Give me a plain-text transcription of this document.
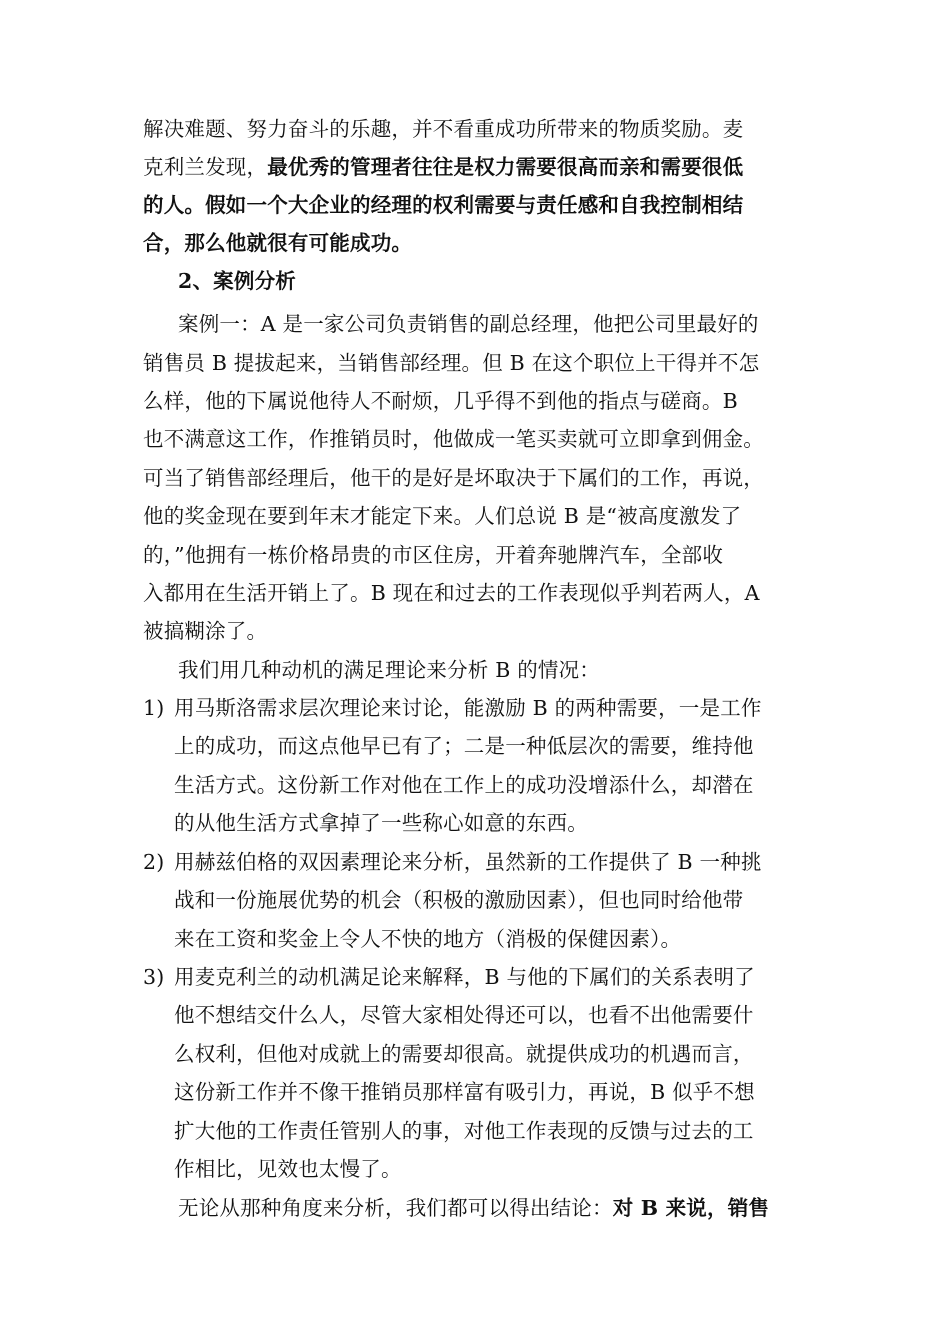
解决难题、努力奋斗的乐趣，并不看重成功所带来的物质奖励。麦
克利兰发现，最优秀的管理者往往是权力需要很高而亲和需要很低
的人。假如一个大企业的经理的权利需要与责任感和自我控制相结
合，那么他就很有可能成功。
2、案例分析
案例一：A 是一家公司负责销售的副总经理，他把公司里最好的
销售员 B 提拔起来，当销售部经理。但 B 在这个职位上干得并不怎
么样，他的下属说他待人不耐烦，几乎得不到他的指点与磋商。B
也不满意这工作，作推销员时，他做成一笔买卖就可立即拿到佣金。
可当了销售部经理后，他干的是好是坏取决于下属们的工作，再说，
他的奖金现在要到年末才能定下来。人们总说 B 是“被高度激发了
的，”他拥有一栋价格昂贵的市区住房，开着奔驰牌汽车，全部收
入都用在生活开销上了。B 现在和过去的工作表现似乎判若两人，A
被搞糊涂了。
我们用几种动机的满足理论来分析 B 的情况：
1) 用马斯洛需求层次理论来讨论，能激励 B 的两种需要，一是工作
上的成功，而这点他早已有了；二是一种低层次的需要，维持他
生活方式。这份新工作对他在工作上的成功没增添什么，却潜在
的从他生活方式拿掉了一些称心如意的东西。
2) 用赫兹伯格的双因素理论来分析，虽然新的工作提供了 B 一种挑
战和一份施展优势的机会（积极的激励因素），但也同时给他带
来在工资和奖金上令人不快的地方（消极的保健因素）。
3) 用麦克利兰的动机满足论来解释，B 与他的下属们的关系表明了
他不想结交什么人，尽管大家相处得还可以，也看不出他需要什
么权利，但他对成就上的需要却很高。就提供成功的机遇而言，
这份新工作并不像干推销员那样富有吸引力，再说，B 似乎不想
扩大他的工作责任管别人的事，对他工作表现的反馈与过去的工
作相比，见效也太慢了。
无论从那种角度来分析，我们都可以得出结论：对 B 来说，销售
